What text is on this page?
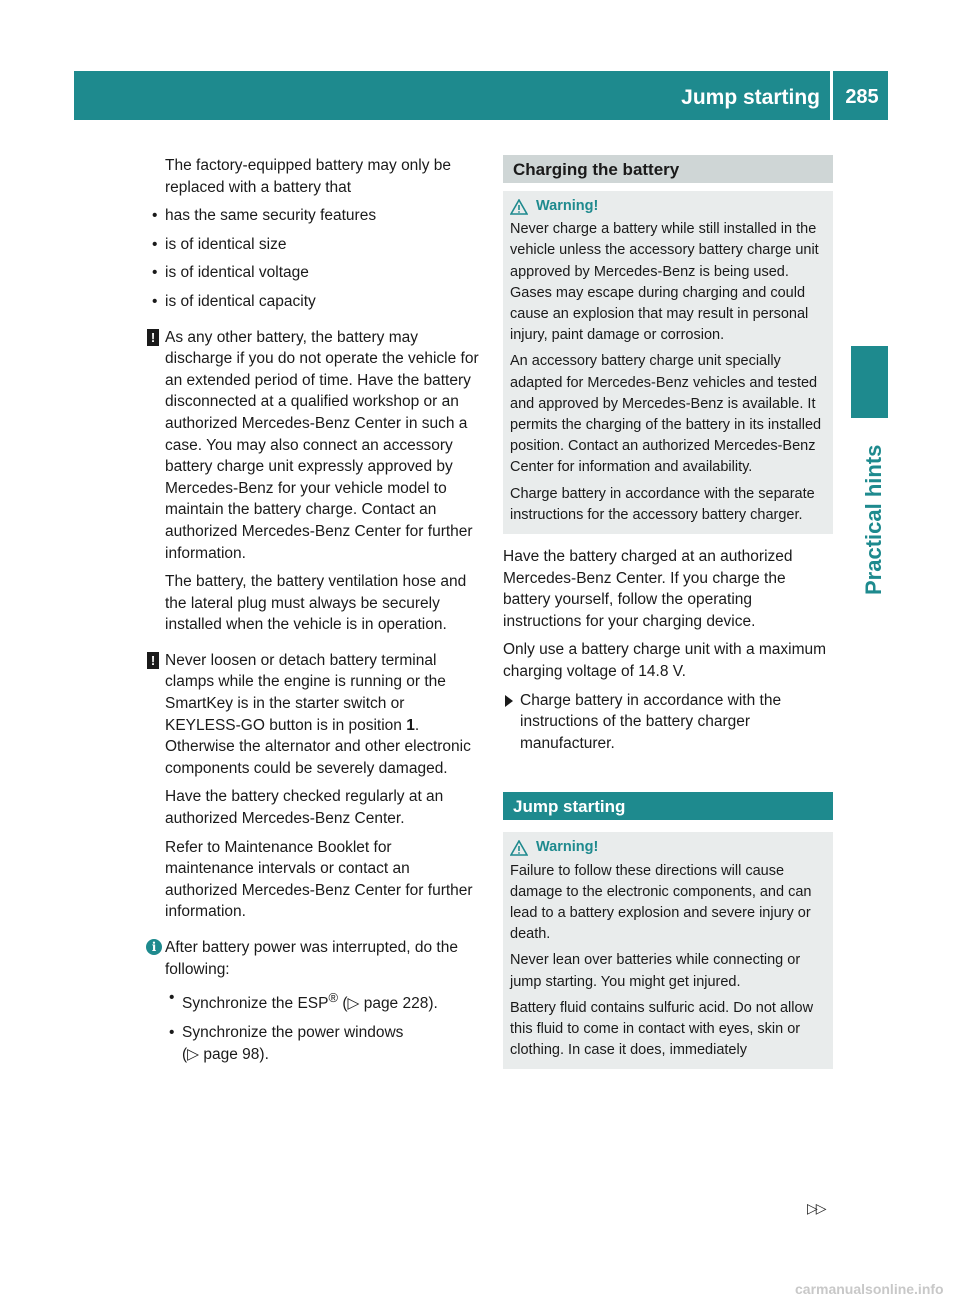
Jump starting	285
Practical hints

The factory-equipped battery may only be replaced with a battery that

• has the same security features
• is of identical size
• is of identical voltage
• is of identical capacity
! As any other battery, the battery may discharge if you do not operate the vehicle for an extended period of time. Have the battery disconnected at a qualified workshop or an authorized Mercedes-Benz Center in such a case. You may also connect an accessory battery charge unit expressly approved by Mercedes-Benz for your vehicle model to maintain the battery charge. Contact an authorized Mercedes-Benz Center for further information.

The battery, the battery ventilation hose and the lateral plug must always be securely installed when the vehicle is in operation.

! Never loosen or detach battery terminal clamps while the engine is running or the SmartKey is in the starter switch or KEYLESS-GO button is in position 1. Otherwise the alternator and other electronic components could be severely damaged.

Have the battery checked regularly at an authorized Mercedes-Benz Center.

Refer to Maintenance Booklet for maintenance intervals or contact an authorized Mercedes-Benz Center for further information.

i After battery power was interrupted, do the following:

• Synchronize the ESP® (▷ page 228).
• Synchronize the power windows
(▷ page 98).
Charging the battery
Warning!

Never charge a battery while still installed in the vehicle unless the accessory battery charge unit approved by Mercedes-Benz is being used. Gases may escape during charging and could cause an explosion that may result in personal injury, paint damage or corrosion.

An accessory battery charge unit specially adapted for Mercedes-Benz vehicles and tested and approved by Mercedes-Benz is available. It permits the charging of the battery in its installed position. Contact an authorized Mercedes-Benz Center for information and availability.

Charge battery in accordance with the separate instructions for the accessory battery charger.

Have the battery charged at an authorized Mercedes-Benz Center. If you charge the battery yourself, follow the operating instructions for your charging device.

Only use a battery charge unit with a maximum charging voltage of 14.8 V.

Charge battery in accordance with the instructions of the battery charger manufacturer.
Jump starting
Warning!

Failure to follow these directions will cause damage to the electronic components, and can lead to a battery explosion and severe injury or death.

Never lean over batteries while connecting or jump starting. You might get injured.

Battery fluid contains sulfuric acid. Do not allow this fluid to come in contact with eyes, skin or clothing. In case it does, immediately

▷▷
carmanualsonline.info
